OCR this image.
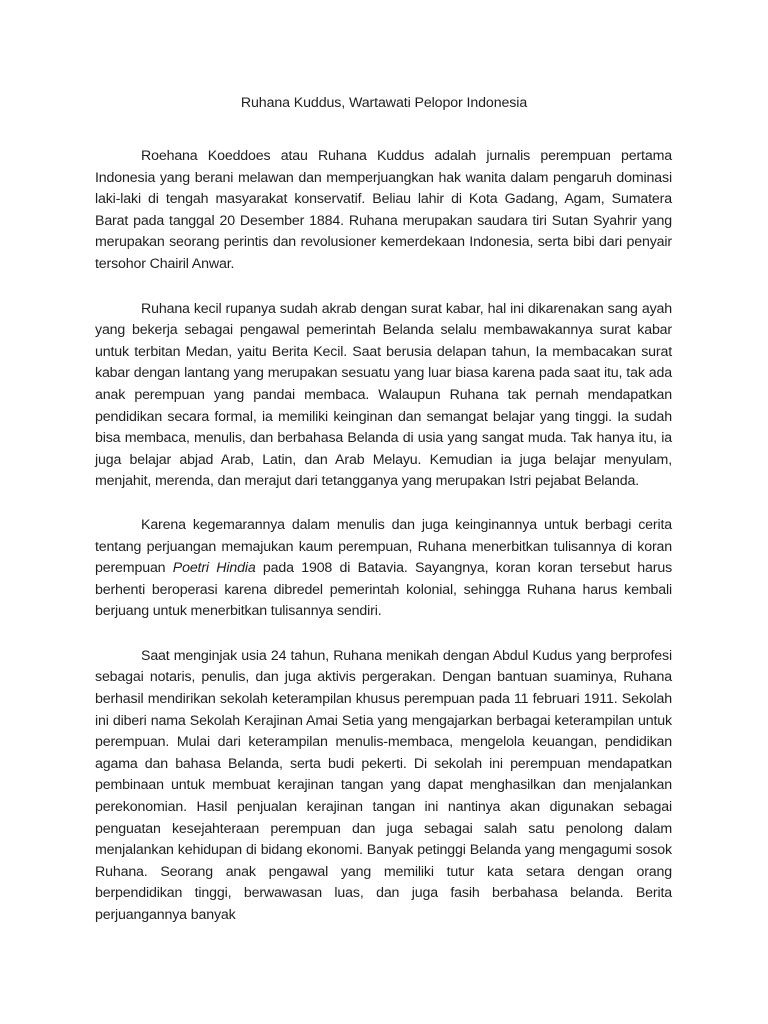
Ruhana Kuddus, Wartawati Pelopor Indonesia

Roehana Koeddoes atau Ruhana Kuddus adalah jurnalis perempuan pertama Indonesia yang berani melawan dan memperjuangkan hak wanita dalam pengaruh dominasi laki-laki di tengah masyarakat konservatif. Beliau lahir di Kota Gadang, Agam, Sumatera Barat pada tanggal 20 Desember 1884. Ruhana merupakan saudara tiri Sutan Syahrir yang merupakan seorang perintis dan revolusioner kemerdekaan Indonesia, serta bibi dari penyair tersohor Chairil Anwar.

Ruhana kecil rupanya sudah akrab dengan surat kabar, hal ini dikarenakan sang ayah yang bekerja sebagai pengawal pemerintah Belanda selalu membawakannya surat kabar untuk terbitan Medan, yaitu Berita Kecil. Saat berusia delapan tahun, Ia membacakan surat kabar dengan lantang yang merupakan sesuatu yang luar biasa karena pada saat itu, tak ada anak perempuan yang pandai membaca. Walaupun Ruhana tak pernah mendapatkan pendidikan secara formal, ia memiliki keinginan dan semangat belajar yang tinggi. Ia sudah bisa membaca, menulis, dan berbahasa Belanda di usia yang sangat muda. Tak hanya itu, ia juga belajar abjad Arab, Latin, dan Arab Melayu. Kemudian ia juga belajar menyulam, menjahit, merenda, dan merajut dari tetangganya yang merupakan Istri pejabat Belanda.

Karena kegemarannya dalam menulis dan juga keinginannya untuk berbagi cerita tentang perjuangan memajukan kaum perempuan, Ruhana menerbitkan tulisannya di koran perempuan Poetri Hindia pada 1908 di Batavia. Sayangnya, koran koran tersebut harus berhenti beroperasi karena dibredel pemerintah kolonial, sehingga Ruhana harus kembali berjuang untuk menerbitkan tulisannya sendiri.

Saat menginjak usia 24 tahun, Ruhana menikah dengan Abdul Kudus yang berprofesi sebagai notaris, penulis, dan juga aktivis pergerakan. Dengan bantuan suaminya, Ruhana berhasil mendirikan sekolah keterampilan khusus perempuan pada 11 februari 1911. Sekolah ini diberi nama Sekolah Kerajinan Amai Setia yang mengajarkan berbagai keterampilan untuk perempuan. Mulai dari keterampilan menulis-membaca, mengelola keuangan, pendidikan agama dan bahasa Belanda, serta budi pekerti. Di sekolah ini perempuan mendapatkan pembinaan untuk membuat kerajinan tangan yang dapat menghasilkan dan menjalankan perekonomian. Hasil penjualan kerajinan tangan ini nantinya akan digunakan sebagai penguatan kesejahteraan perempuan dan juga sebagai salah satu penolong dalam menjalankan kehidupan di bidang ekonomi. Banyak petinggi Belanda yang mengagumi sosok Ruhana. Seorang anak pengawal yang memiliki tutur kata setara dengan orang berpendidikan tinggi, berwawasan luas, dan juga fasih berbahasa belanda. Berita perjuangannya banyak
